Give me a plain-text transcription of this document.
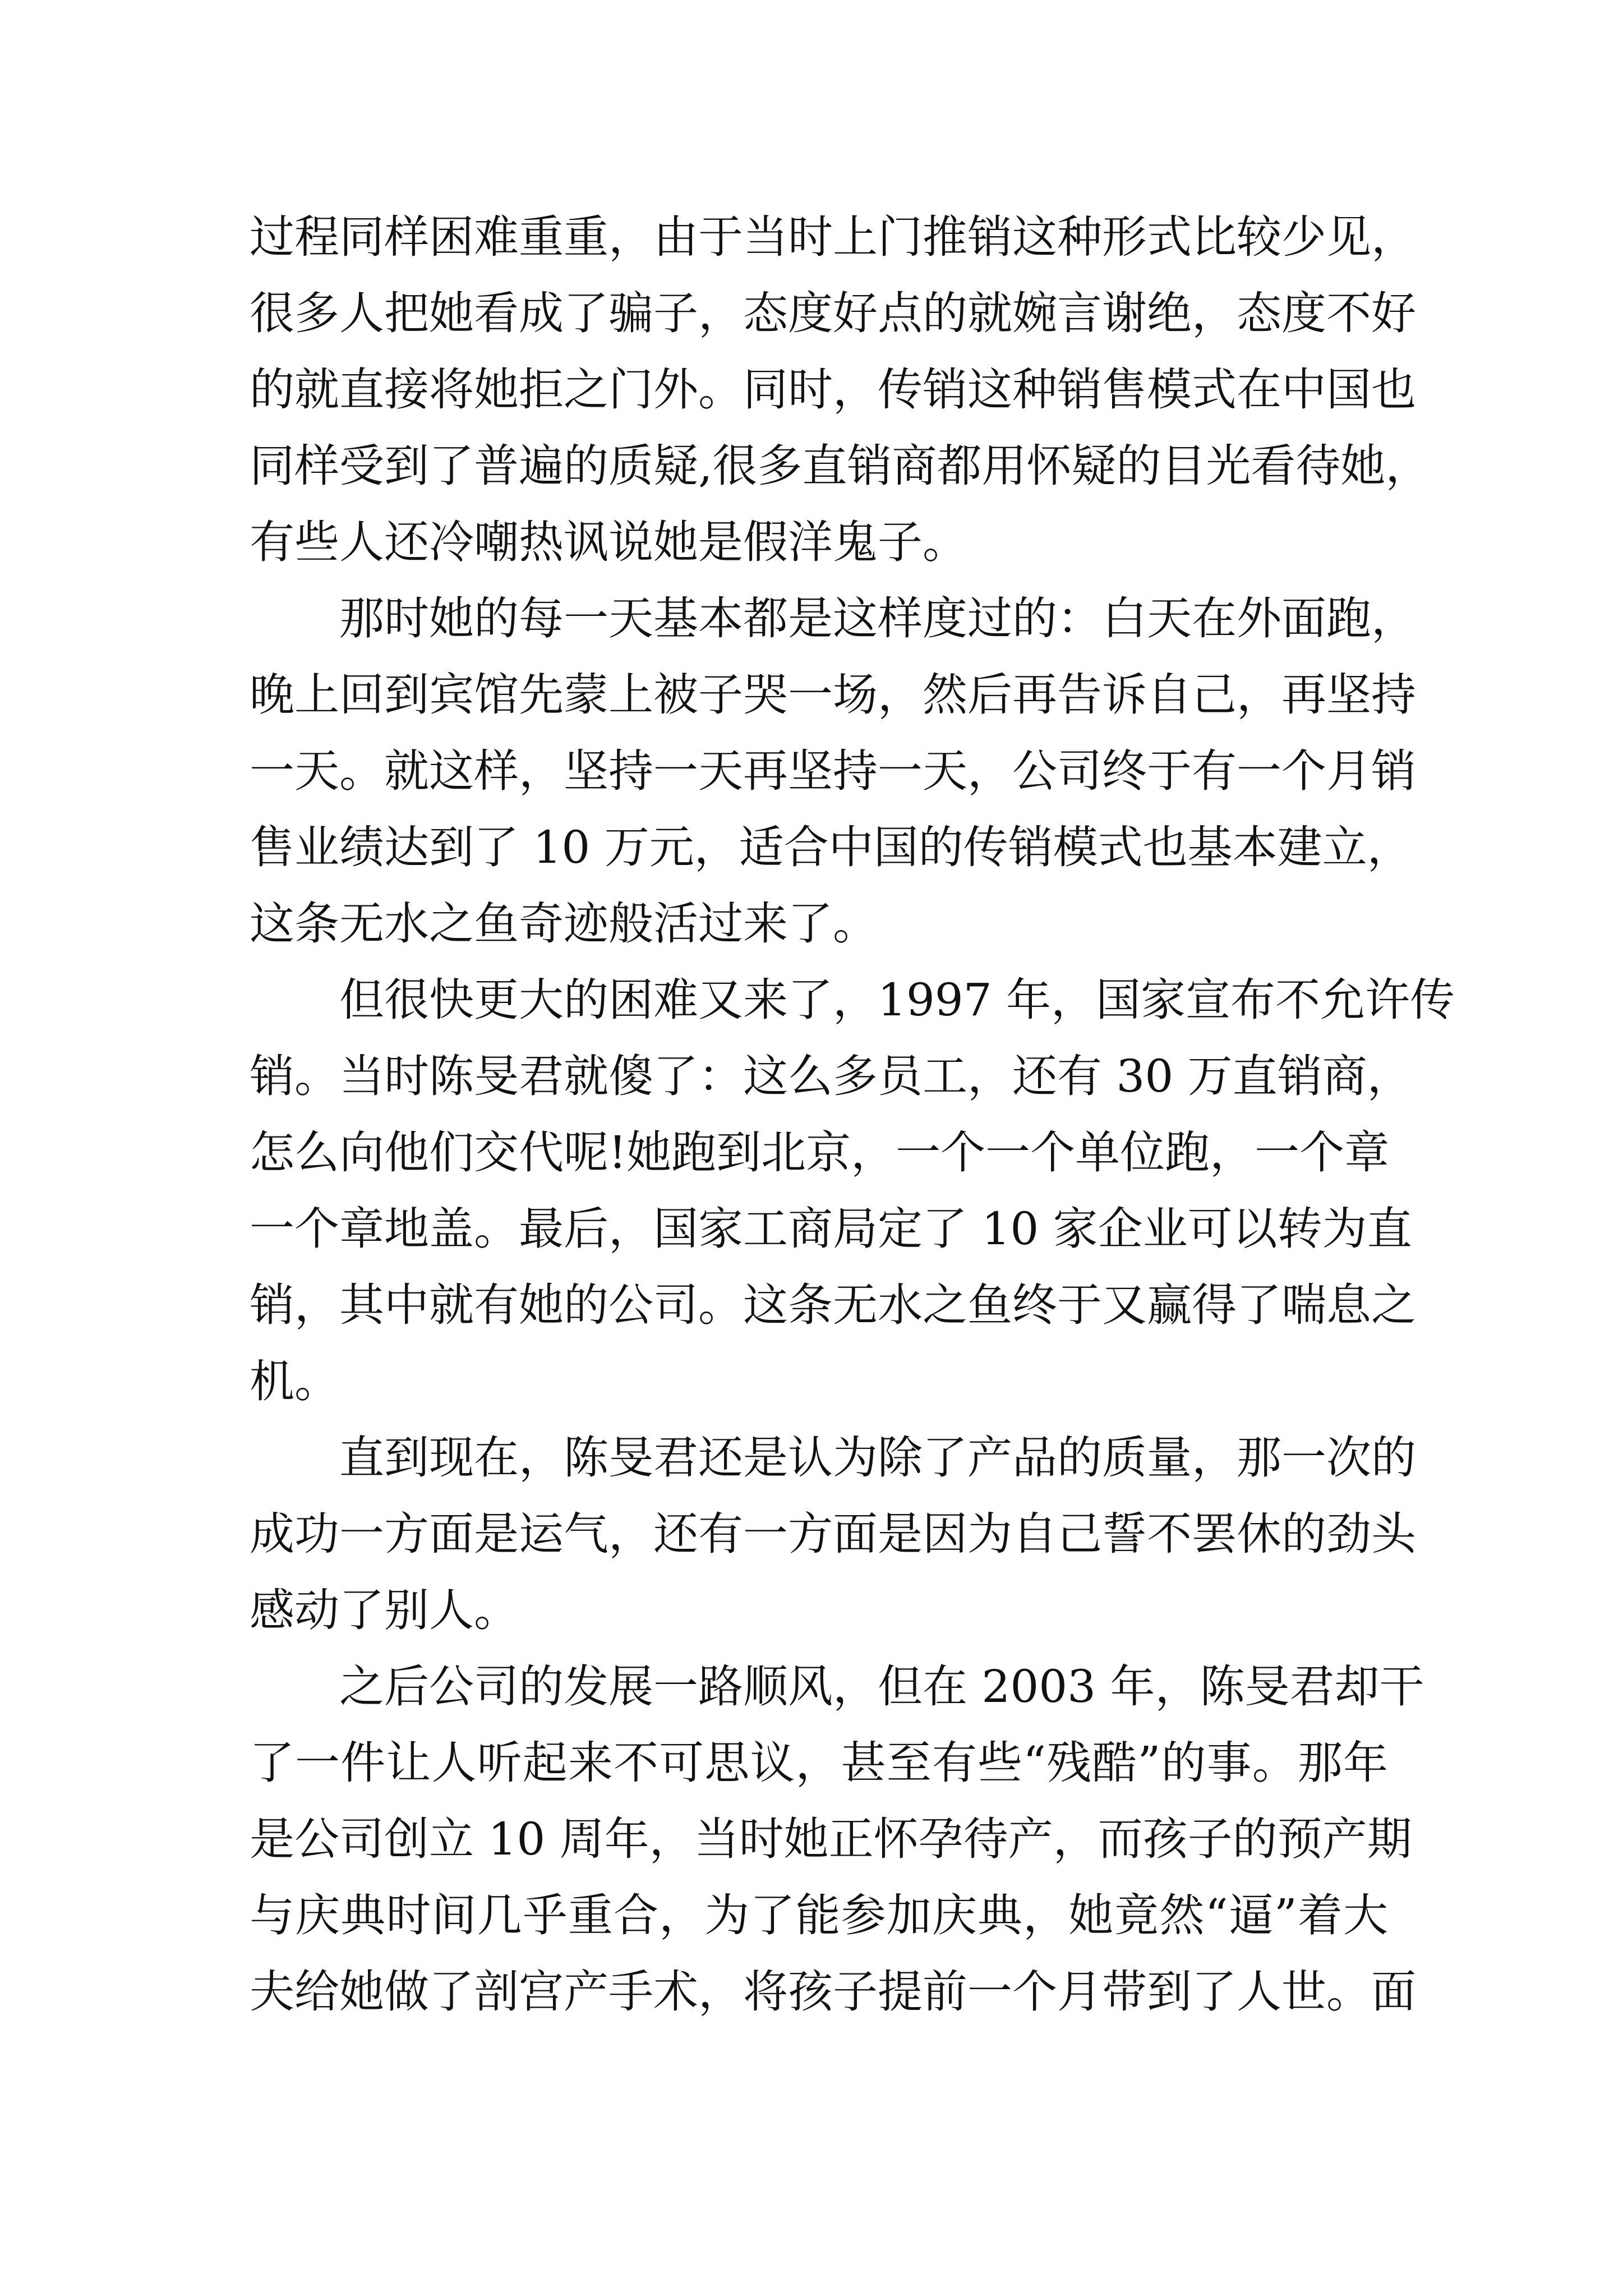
过程同样困难重重，由于当时上门推销这种形式比较少见，
很多人把她看成了骗子，态度好点的就婉言谢绝，态度不好
的就直接将她拒之门外。同时，传销这种销售模式在中国也
同样受到了普遍的质疑,很多直销商都用怀疑的目光看待她，
有些人还冷嘲热讽说她是假洋鬼子。

那时她的每一天基本都是这样度过的：白天在外面跑，
晚上回到宾馆先蒙上被子哭一场，然后再告诉自己，再坚持
一天。就这样，坚持一天再坚持一天，公司终于有一个月销
售业绩达到了 10 万元，适合中国的传销模式也基本建立，
这条无水之鱼奇迹般活过来了。

但很快更大的困难又来了，1997 年，国家宣布不允许传
销。当时陈旻君就傻了：这么多员工，还有 30 万直销商，
怎么向他们交代呢!她跑到北京，一个一个单位跑，一个章
一个章地盖。最后，国家工商局定了 10 家企业可以转为直
销，其中就有她的公司。这条无水之鱼终于又赢得了喘息之
机。

直到现在，陈旻君还是认为除了产品的质量，那一次的
成功一方面是运气，还有一方面是因为自己誓不罢休的劲头
感动了别人。

之后公司的发展一路顺风，但在 2003 年，陈旻君却干
了一件让人听起来不可思议，甚至有些“残酷”的事。那年
是公司创立 10 周年，当时她正怀孕待产，而孩子的预产期
与庆典时间几乎重合，为了能参加庆典，她竟然“逼”着大
夫给她做了剖宫产手术，将孩子提前一个月带到了人世。面
